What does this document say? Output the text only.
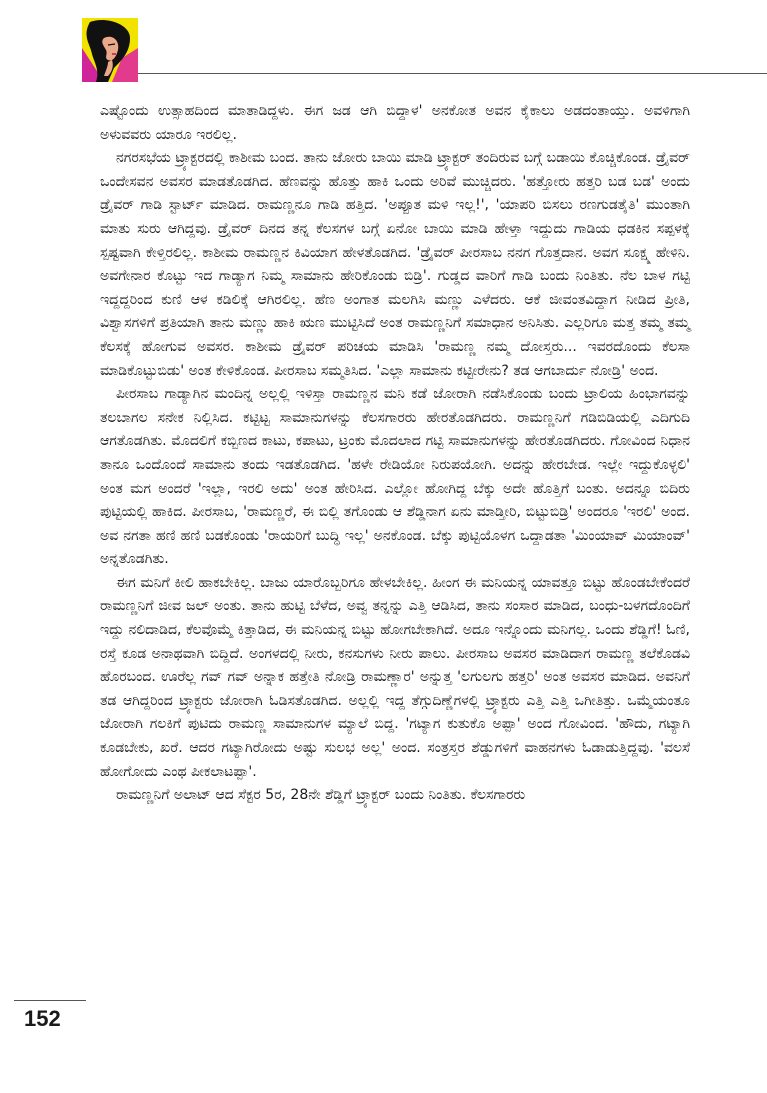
ಎಷ್ಟೊಂದು ಉತ್ಸಾಹದಿಂದ ಮಾತಾಡಿದ್ದಳು. ಈಗ ಜಡ ಆಗಿ ಬಿದ್ದಾಳ' ಅನಕೋತ ಅವನ ಕೈಕಾಲು ಅಡದಂತಾಯ್ತು. ಅವಳಿಗಾಗಿ ಅಳುವವರು ಯಾರೂ ಇರಲಿಲ್ಲ.

ನಗರಸಭೆಯ ಟ್ರ್ಯಾಕ್ಟರದಲ್ಲಿ ಕಾಶೀಮ ಬಂದ. ತಾನು ಜೋರು ಬಾಯಿ ಮಾಡಿ ಟ್ರ್ಯಾಕ್ಟರ್ ತಂದಿರುವ ಬಗ್ಗೆ ಬಡಾಯಿ ಕೊಚ್ಚಿಕೊಂಡ. ಡ್ರೈವರ್ ಒಂದೇಸವನ ಅವಸರ ಮಾಡತೊಡಗಿದ. ಹೆಣವನ್ನು ಹೊತ್ತು ಹಾಕಿ ಒಂದು ಅರಿವೆ ಮುಚ್ಚಿದರು. 'ಹತ್ತೋರು ಹತ್ತರಿ ಬಡ ಬಡ' ಅಂದು ಡ್ರೈವರ್ ಗಾಡಿ ಸ್ಟಾರ್ಟ್ ಮಾಡಿದ. ರಾಮಣ್ಣನೂ ಗಾಡಿ ಹತ್ತಿದ. 'ಅಪ್ಪೂತ ಮಳಿ ಇಲ್ಲ!', 'ಯಾಪರಿ ಬಿಸಲು ರಣಗುಡತೈತಿ' ಮುಂತಾಗಿ ಮಾತು ಸುರು ಆಗಿದ್ದವು. ಡ್ರೈವರ್ ದಿನದ ತನ್ನ ಕೆಲಸಗಳ ಬಗ್ಗೆ ಏನೋ ಬಾಯಿ ಮಾಡಿ ಹೇಳ್ತಾ ಇದ್ದುದು ಗಾಡಿಯ ಧಡಕಿನ ಸಪ್ಪಳಕ್ಕೆ ಸ್ಪಷ್ಟವಾಗಿ ಕೇಳ್ತಿರಲಿಲ್ಲ. ಕಾಶೀಮ ರಾಮಣ್ಣನ ಕಿವಿಯಾಗ ಹೇಳತೊಡಗಿದ. 'ಡ್ರೈವರ್ ಪೀರಸಾಬ ನನಗ ಗೊತ್ತದಾನ. ಅವಗ ಸೂಕ್ಷ್ಮ ಹೇಳಿನಿ. ಅವಗೇನಾರ ಕೊಟ್ಟು ಇದ ಗಾಡ್ಯಾಗ ನಿಮ್ಮ ಸಾಮಾನು ಹೇರಿಕೊಂಡು ಬಿಡ್ರಿ'. ಗುಡ್ಡದ ವಾರಿಗೆ ಗಾಡಿ ಬಂದು ನಿಂತಿತು. ನೆಲ ಬಾಳ ಗಟ್ಟಿ ಇದ್ದದ್ದರಿಂದ ಕುಣಿ ಆಳ ಕಡಿಲಿಕ್ಕೆ ಆಗಿರಲಿಲ್ಲ. ಹೆಣ ಅಂಗಾತ ಮಲಗಿಸಿ ಮಣ್ಣು ಎಳೆದರು. ಆಕೆ ಜೀವಂತವಿದ್ದಾಗ ನೀಡಿದ ಪ್ರೀತಿ, ವಿಶ್ವಾಸಗಳಿಗೆ ಪ್ರತಿಯಾಗಿ ತಾನು ಮಣ್ಣು ಹಾಕಿ ಋಣ ಮುಟ್ಟಿಸಿದೆ ಅಂತ ರಾಮಣ್ಣನಿಗೆ ಸಮಾಧಾನ ಅನಿಸಿತು. ಎಲ್ಲರಿಗೂ ಮತ್ತ ತಮ್ಮ ತಮ್ಮ ಕೆಲಸಕ್ಕೆ ಹೋಗುವ ಅವಸರ. ಕಾಶೀಮ ಡ್ರೈವರ್ ಪರಿಚಯ ಮಾಡಿಸಿ 'ರಾಮಣ್ಣ ನಮ್ಮ ದೋಸ್ತರು... ಇವರದೊಂದು ಕೆಲಸಾ ಮಾಡಿಕೊಟ್ಟುಬಿಡು' ಅಂತ ಕೇಳಿಕೊಂಡ. ಪೀರಸಾಬ ಸಮ್ಮತಿಸಿದ. 'ಎಲ್ಲಾ ಸಾಮಾನು ಕಟ್ಟೀರೇನು? ತಡ ಆಗಬಾರ್ದು ನೋಡ್ರಿ' ಅಂದ.

ಪೀರಸಾಬ ಗಾಡ್ಯಾಗಿನ ಮಂದಿನ್ನ ಅಲ್ಲಲ್ಲಿ ಇಳಿಸ್ತಾ ರಾಮಣ್ಣನ ಮನಿ ಕಡೆ ಜೋರಾಗಿ ನಡೆಸಿಕೊಂಡು ಬಂದು ಟ್ರಾಲಿಯ ಹಿಂಭಾಗವನ್ನು ತಲಬಾಗಲ ಸನೇಕ ನಿಲ್ಲಿಸಿದ. ಕಟ್ಟಿಟ್ಟ ಸಾಮಾನುಗಳನ್ನು ಕೆಲಸಗಾರರು ಹೇರತೊಡಗಿದರು. ರಾಮಣ್ಣನಿಗೆ ಗಡಿಬಿಡಿಯಲ್ಲಿ ಎದಿಗುದಿ ಆಗತೊಡಗಿತು. ಮೊದಲಿಗೆ ಕಬ್ಬಿಣದ ಕಾಟು, ಕಪಾಟು, ಟ್ರಂಕು ಮೊದಲಾದ ಗಟ್ಟಿ ಸಾಮಾನುಗಳನ್ನು ಹೇರತೊಡಗಿದರು. ಗೋವಿಂದ ನಿಧಾನ ತಾನೂ ಒಂದೊಂದೆ ಸಾಮಾನು ತಂದು ಇಡತೊಡಗಿದ. 'ಹಳೇ ರೇಡಿಯೋ ನಿರುಪಯೋಗಿ. ಅದನ್ನು ಹೇರಬೇಡ. ಇಲ್ಲೇ ಇದ್ದುಕೊಳ್ಳಲಿ' ಅಂತ ಮಗ ಅಂದರೆ 'ಇಲ್ಲಾ, ಇರಲಿ ಅದು' ಅಂತ ಹೇರಿಸಿದ. ಎಲ್ಲೋ ಹೋಗಿದ್ದ ಬೆಕ್ಕು ಅದೇ ಹೊತ್ತಿಗೆ ಬಂತು. ಅದನ್ನೂ ಬಿದಿರು ಪುಟ್ಟಿಯಲ್ಲಿ ಹಾಕಿದ. ಪೀರಸಾಬ, 'ರಾಮಣ್ಣರೆ, ಈ ಬಿಲ್ಲಿ ತಗೊಂಡು ಆ ಶೆಡ್ಡಿನಾಗ ಏನು ಮಾಡ್ತೀರಿ, ಬಿಟ್ಟುಬಿಡ್ರಿ' ಅಂದರೂ 'ಇರಲಿ' ಅಂದ. ಅವ ನಗತಾ ಹಣಿ ಹಣಿ ಬಡಕೊಂಡು 'ರಾಯರಿಗೆ ಬುದ್ಧಿ ಇಲ್ಲ' ಅನಕೊಂಡ. ಬೆಕ್ಕು ಪುಟ್ಟಿಯೊಳಗ ಒದ್ದಾಡತಾ 'ಮಿಂಯಾವ್ ಮಿಯಾಂವ್' ಅನ್ನತೊಡಗಿತು.

ಈಗ ಮನಿಗೆ ಕೀಲಿ ಹಾಕಬೇಕಿಲ್ಲ. ಬಾಜು ಯಾರೊಬ್ಬರಿಗೂ ಹೇಳಬೇಕಿಲ್ಲ. ಹೀಂಗ ಈ ಮನಿಯನ್ನ ಯಾವತ್ತೂ ಬಿಟ್ಟು ಹೊಂಡಬೇಕೆಂದರೆ ರಾಮಣ್ಣನಿಗೆ ಜೀವ ಜಲ್ ಅಂತು. ತಾನು ಹುಟ್ಟಿ ಬೆಳೆದ, ಅವ್ವ ತನ್ನನ್ನು ಎತ್ತಿ ಆಡಿಸಿದ, ತಾನು ಸಂಸಾರ ಮಾಡಿದ, ಬಂಧು-ಬಳಗದೊಂದಿಗೆ ಇದ್ದು ನಲಿದಾಡಿದ, ಕೆಲವೊಮ್ಮೆ ಕಿತ್ತಾಡಿದ, ಈ ಮನಿಯನ್ನ ಬಿಟ್ಟು ಹೋಗಬೇಕಾಗಿದೆ. ಅದೂ ಇನ್ನೊಂದು ಮನಿಗಲ್ಲ. ಒಂದು ಶೆಡ್ಡಿಗೆ! ಓಣಿ, ರಸ್ತೆ ಕೂಡ ಅನಾಥವಾಗಿ ಬಿದ್ದಿದೆ. ಅಂಗಳದಲ್ಲಿ ನೀರು, ಕನಸುಗಳು ನೀರು ಪಾಲು. ಪೀರಸಾಬ ಅವಸರ ಮಾಡಿದಾಗ ರಾಮಣ್ಣ ತಲೆಕೊಡವಿ ಹೊರಬಂದ. ಊರೆಲ್ಲ ಗವ್ ಗವ್ ಅನ್ನಾಕ ಹತ್ತೇತಿ ನೋಡ್ರಿ ರಾಮಣ್ಣಾರ' ಅನ್ನುತ್ತ 'ಲಗುಲಗು ಹತ್ತರಿ' ಅಂತ ಅವಸರ ಮಾಡಿದ. ಅವನಿಗೆ ತಡ ಆಗಿದ್ದರಿಂದ ಟ್ರ್ಯಾಕ್ಟರು ಜೋರಾಗಿ ಓಡಿಸತೊಡಗಿದ. ಅಲ್ಲಲ್ಲಿ ಇದ್ದ ತೆಗ್ಗುದಿಣ್ಣೆಗಳಲ್ಲಿ ಟ್ರ್ಯಾಕ್ಟರು ಎತ್ತಿ ಎತ್ತಿ ಒಗೀತಿತ್ತು. ಒಮ್ಮೆಯಂತೂ ಜೋರಾಗಿ ಗಲಕಿಗೆ ಪುಟಿದು ರಾಮಣ್ಣ ಸಾಮಾನುಗಳ ಮ್ಯಾಲೆ ಬಿದ್ದ. 'ಗಟ್ಯಾಗ ಕುತುಕೊ ಅಪ್ಪಾ' ಅಂದ ಗೋವಿಂದ. 'ಹೌದು, ಗಟ್ಯಾಗಿ ಕೂಡಬೇಕು, ಖರೆ. ಆದರ ಗಟ್ಯಾಗಿರೋದು ಅಷ್ಟು ಸುಲಭ ಅಲ್ಲ' ಅಂದ. ಸಂತ್ರಸ್ತರ ಶೆಡ್ಡುಗಳಿಗೆ ವಾಹನಗಳು ಓಡಾಡುತ್ತಿದ್ದವು. 'ವಲಸೆ ಹೋಗೋದು ಎಂಥ ಪೀಕಲಾಟಪ್ಪಾ'.

ರಾಮಣ್ಣನಿಗೆ ಅಲಾಟ್ ಆದ ಸೆಕ್ಟರ 5ರ, 28ನೇ ಶೆಡ್ಡಿಗೆ ಟ್ರ್ಯಾಕ್ಟರ್ ಬಂದು ನಿಂತಿತು. ಕೆಲಸಗಾರರು

152
